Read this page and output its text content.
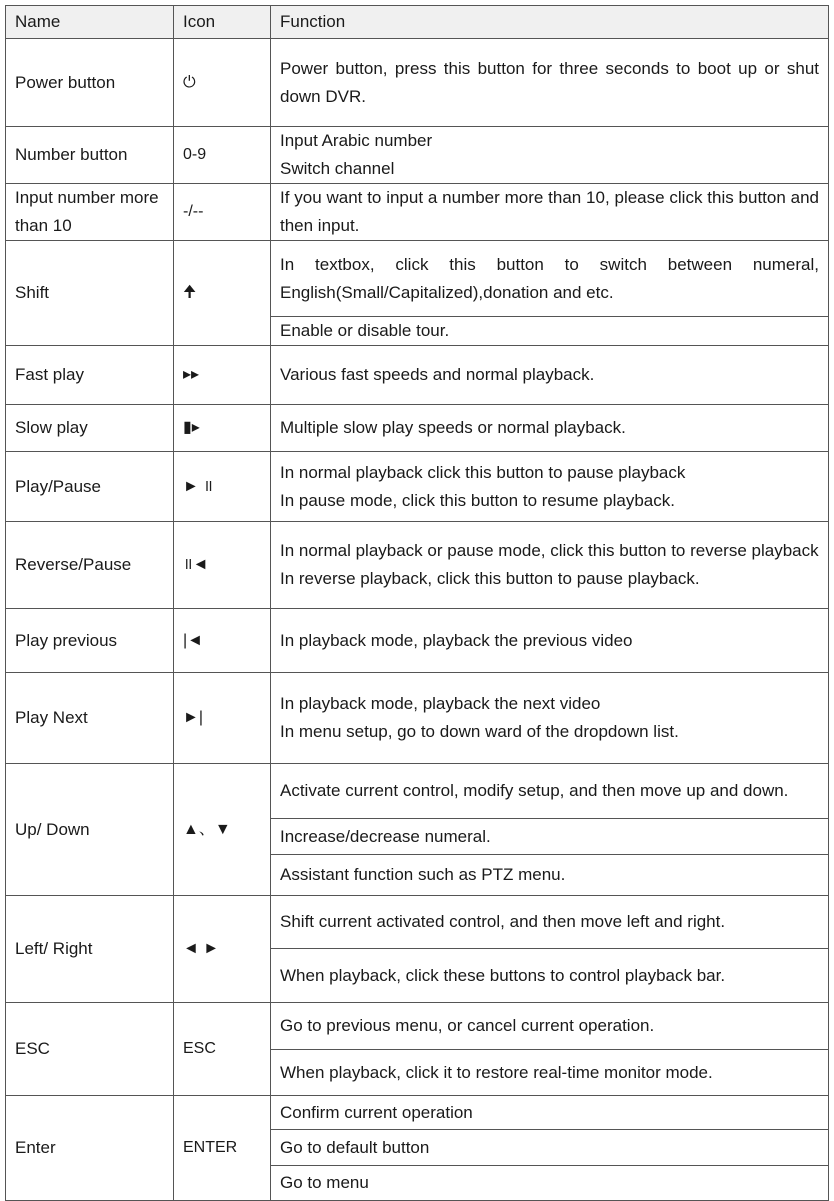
Name	Icon	Function
Power button	⏻	Power button, press this button for three seconds to boot up or shut down DVR.

Number button	0-9	Input Arabic number
Switch channel

Input number more than 10	-/--	If you want to input a number more than 10, please click this button and then input.

Shift	🠉	In textbox, click this button to switch between numeral, English(Small/Capitalized),donation and etc.

		Enable or disable tour.

Fast play	▸▸	Various fast speeds and normal playback.

Slow play	▮▸	Multiple slow play speeds or normal playback.

Play/Pause	► ॥	In normal playback click this button to pause playback
In pause mode, click this button to resume playback.

Reverse/Pause	॥◄	In normal playback or pause mode, click this button to reverse playback
In reverse playback, click this button to pause playback.

Play previous	|◄	In playback mode, playback the previous video

Play Next	►|	In playback mode, playback the next video
In menu setup, go to down ward of the dropdown list.

Up/ Down	▲、▼	Activate current control, modify setup, and then move up and down.

		Increase/decrease numeral.

		Assistant function such as PTZ menu.

Left/ Right	◄ ►	Shift current activated control, and then move left and right.

		When playback, click these buttons to control playback bar.

ESC	ESC	Go to previous menu, or cancel current operation.

		When playback, click it to restore real-time monitor mode.

Enter	ENTER	Confirm current operation

		Go to default button

		Go to menu
